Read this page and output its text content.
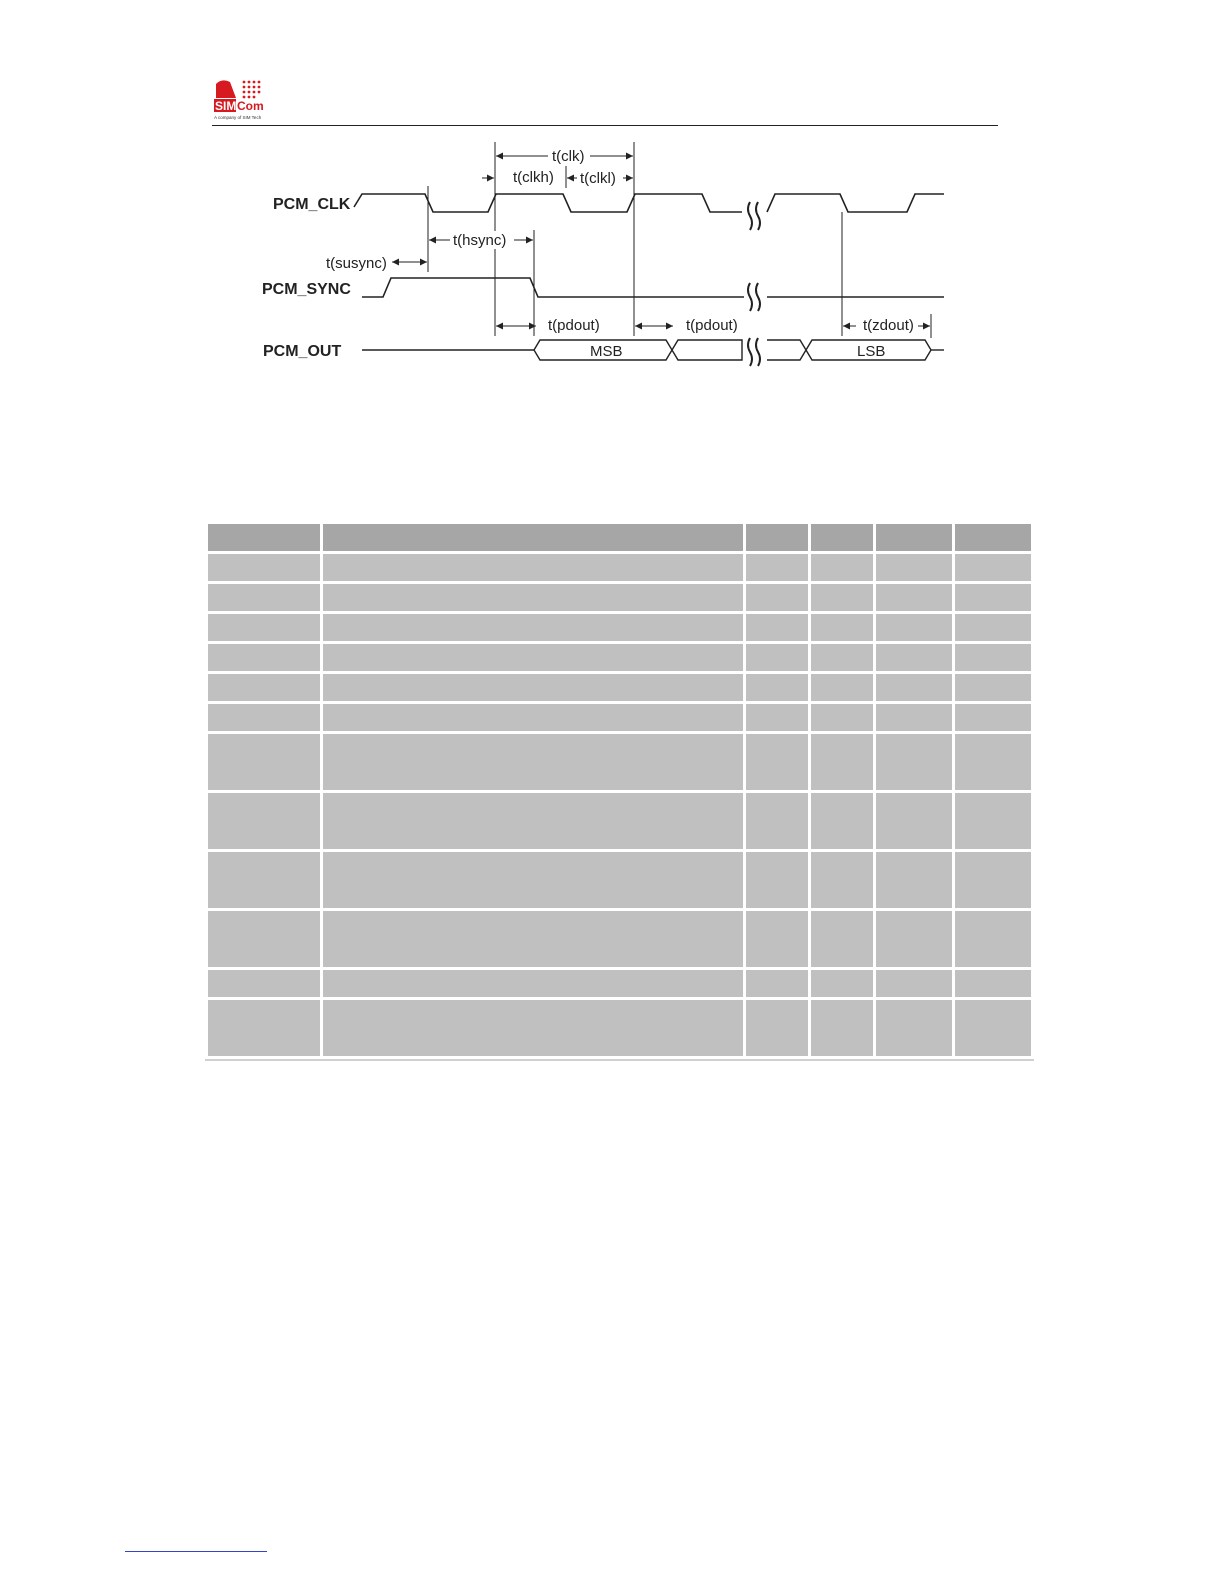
SIM Com
A company of SIM Tech
PCM_CLK
PCM_SYNC
PCM_OUT	MSB	LSB
t(clk)
t(clkh) t(clkl)
t(hsync)
t(susync)
t(pdout)	t(pdout)	t(zdout)
